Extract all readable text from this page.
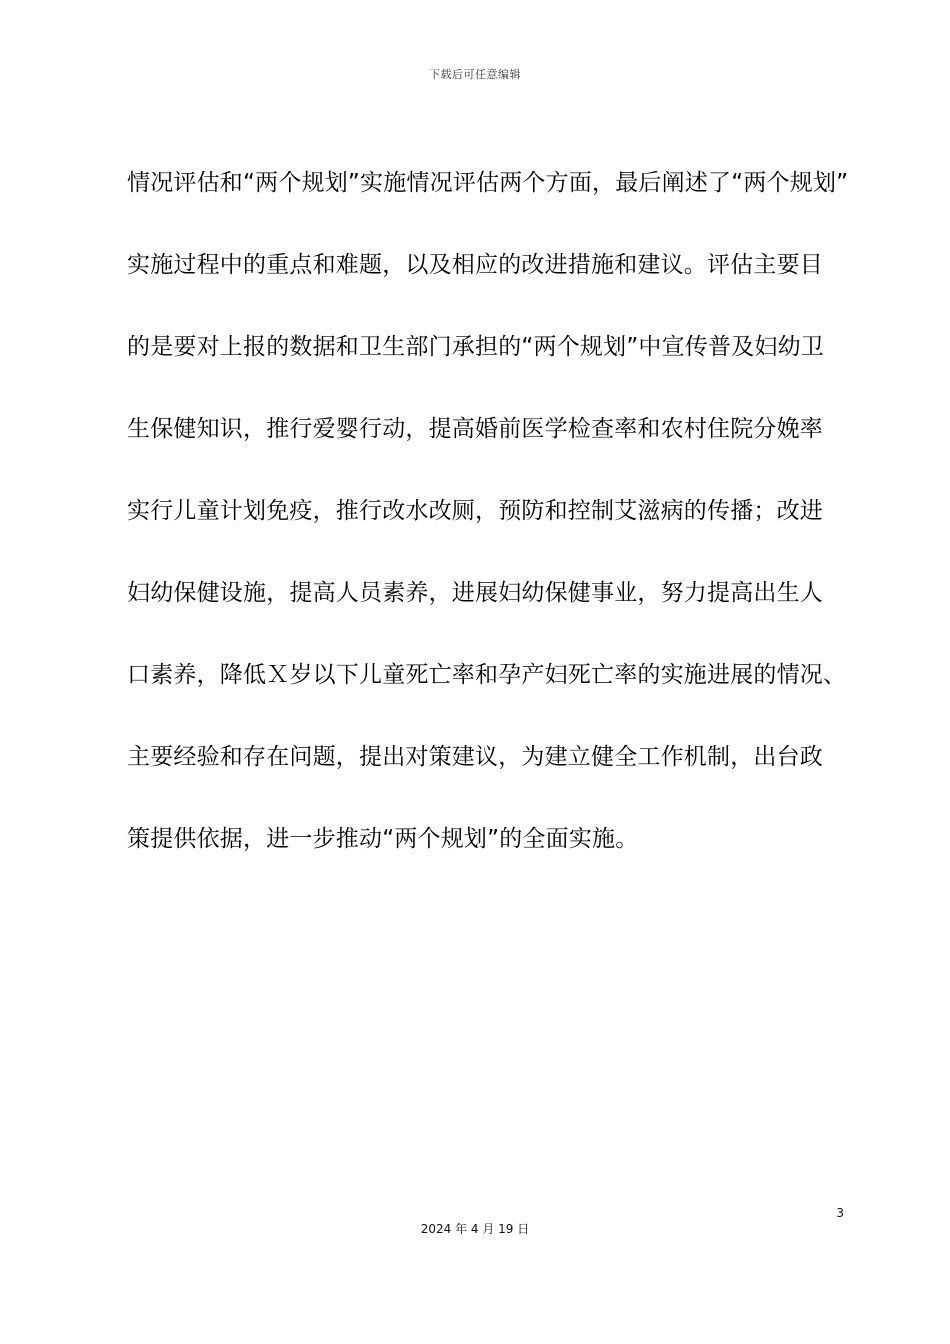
下载后可任意编辑
情况评估和“两个规划”实施情况评估两个方面，最后阐述了“两个规划”
实施过程中的重点和难题，以及相应的改进措施和建议。评估主要目
的是要对上报的数据和卫生部门承担的“两个规划”中宣传普及妇幼卫
生保健知识，推行爱婴行动，提高婚前医学检查率和农村住院分娩率
实行儿童计划免疫，推行改水改厕，预防和控制艾滋病的传播；改进
妇幼保健设施，提高人员素养，进展妇幼保健事业，努力提高出生人
口素养，降低Ｘ岁以下儿童死亡率和孕产妇死亡率的实施进展的情况、
主要经验和存在问题，提出对策建议，为建立健全工作机制，出台政
策提供依据，进一步推动“两个规划”的全面实施。
3
2024 年 4 月 19 日
